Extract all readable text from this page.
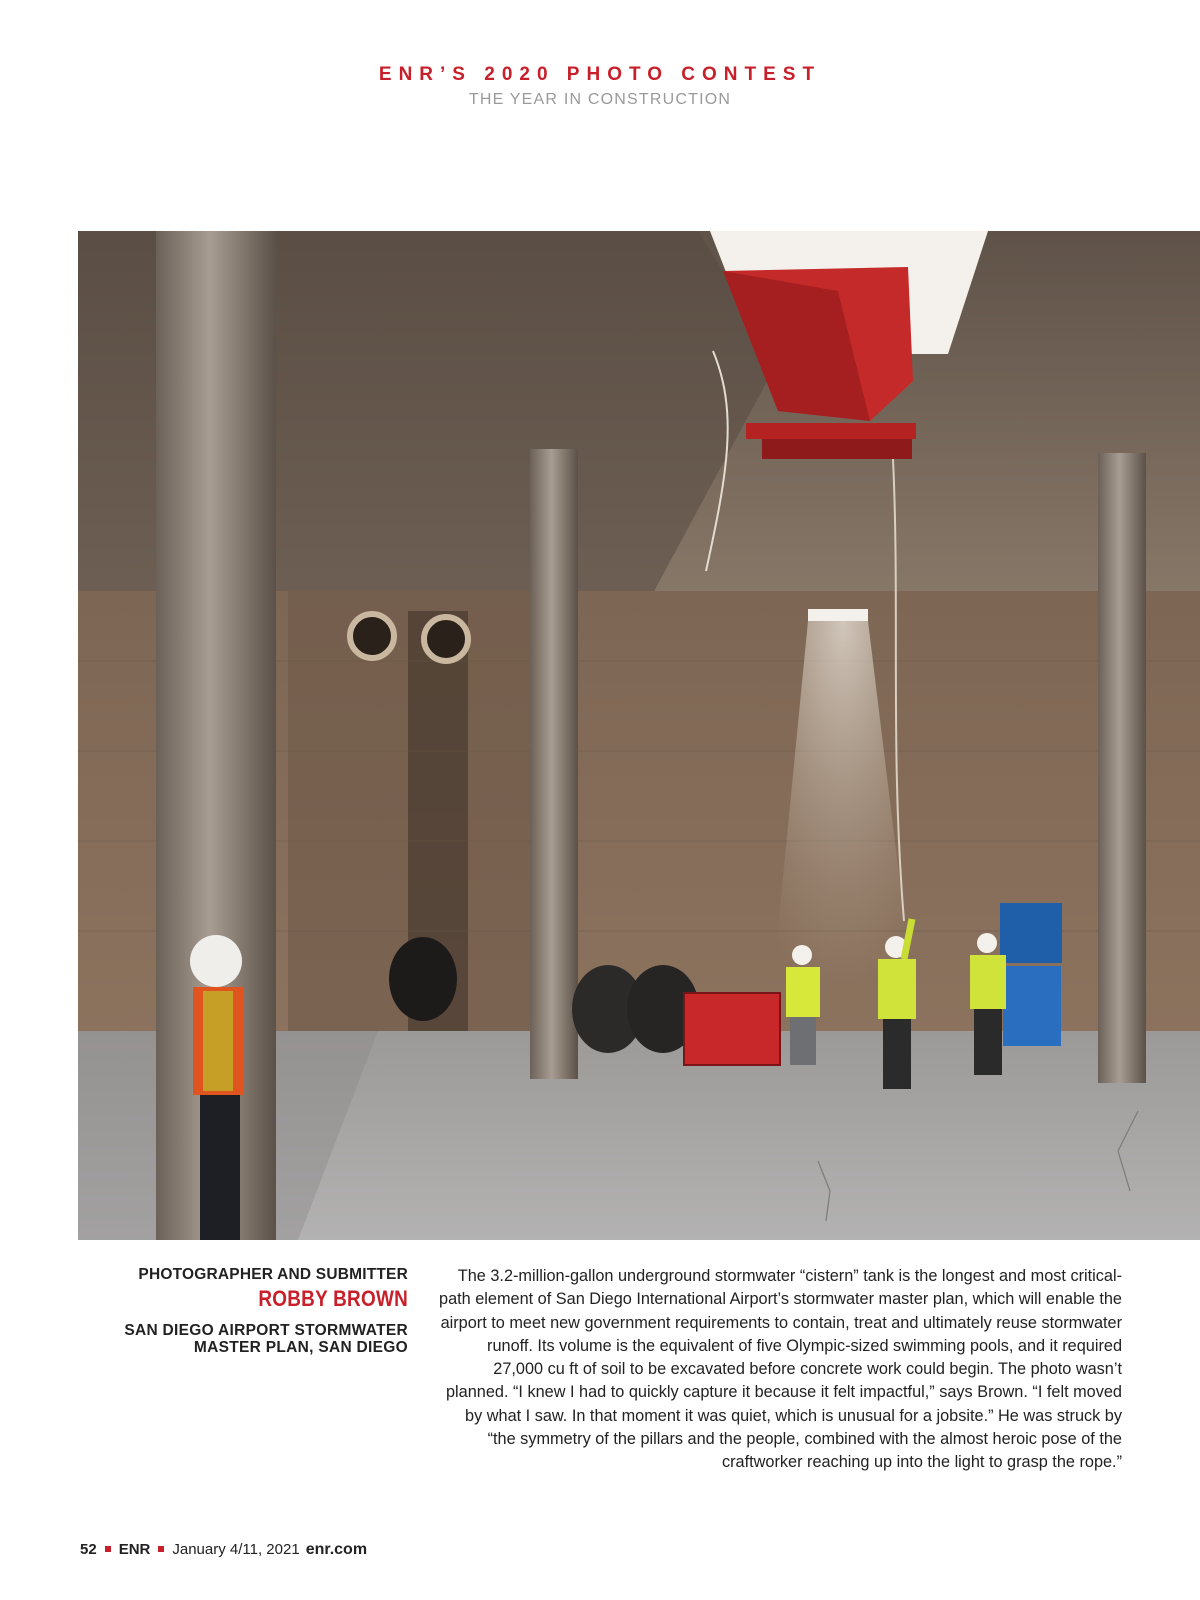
ENR’S 2020 PHOTO CONTEST
THE YEAR IN CONSTRUCTION
PHOTOGRAPHER AND SUBMITTER
ROBBY BROWN
SAN DIEGO AIRPORT STORMWATER
MASTER PLAN, SAN DIEGO

The 3.2-million-gallon underground stormwater “cistern” tank is the longest and most critical-path element of San Diego International Airport’s stormwater master plan, which will enable the airport to meet new government requirements to contain, treat and ultimately reuse stormwater runoff. Its volume is the equivalent of five Olympic-sized swimming pools, and it required 27,000 cu ft of soil to be excavated before concrete work could begin. The photo wasn’t planned. “I knew I had to quickly capture it because it felt impactful,” says Brown. “I felt moved by what I saw. In that moment it was quiet, which is unusual for a jobsite.” He was struck by “the symmetry of the pillars and the people, combined with the almost heroic pose of the craftworker reaching up into the light to grasp the rope.”

52 ENR January 4/11, 2021 enr.com
